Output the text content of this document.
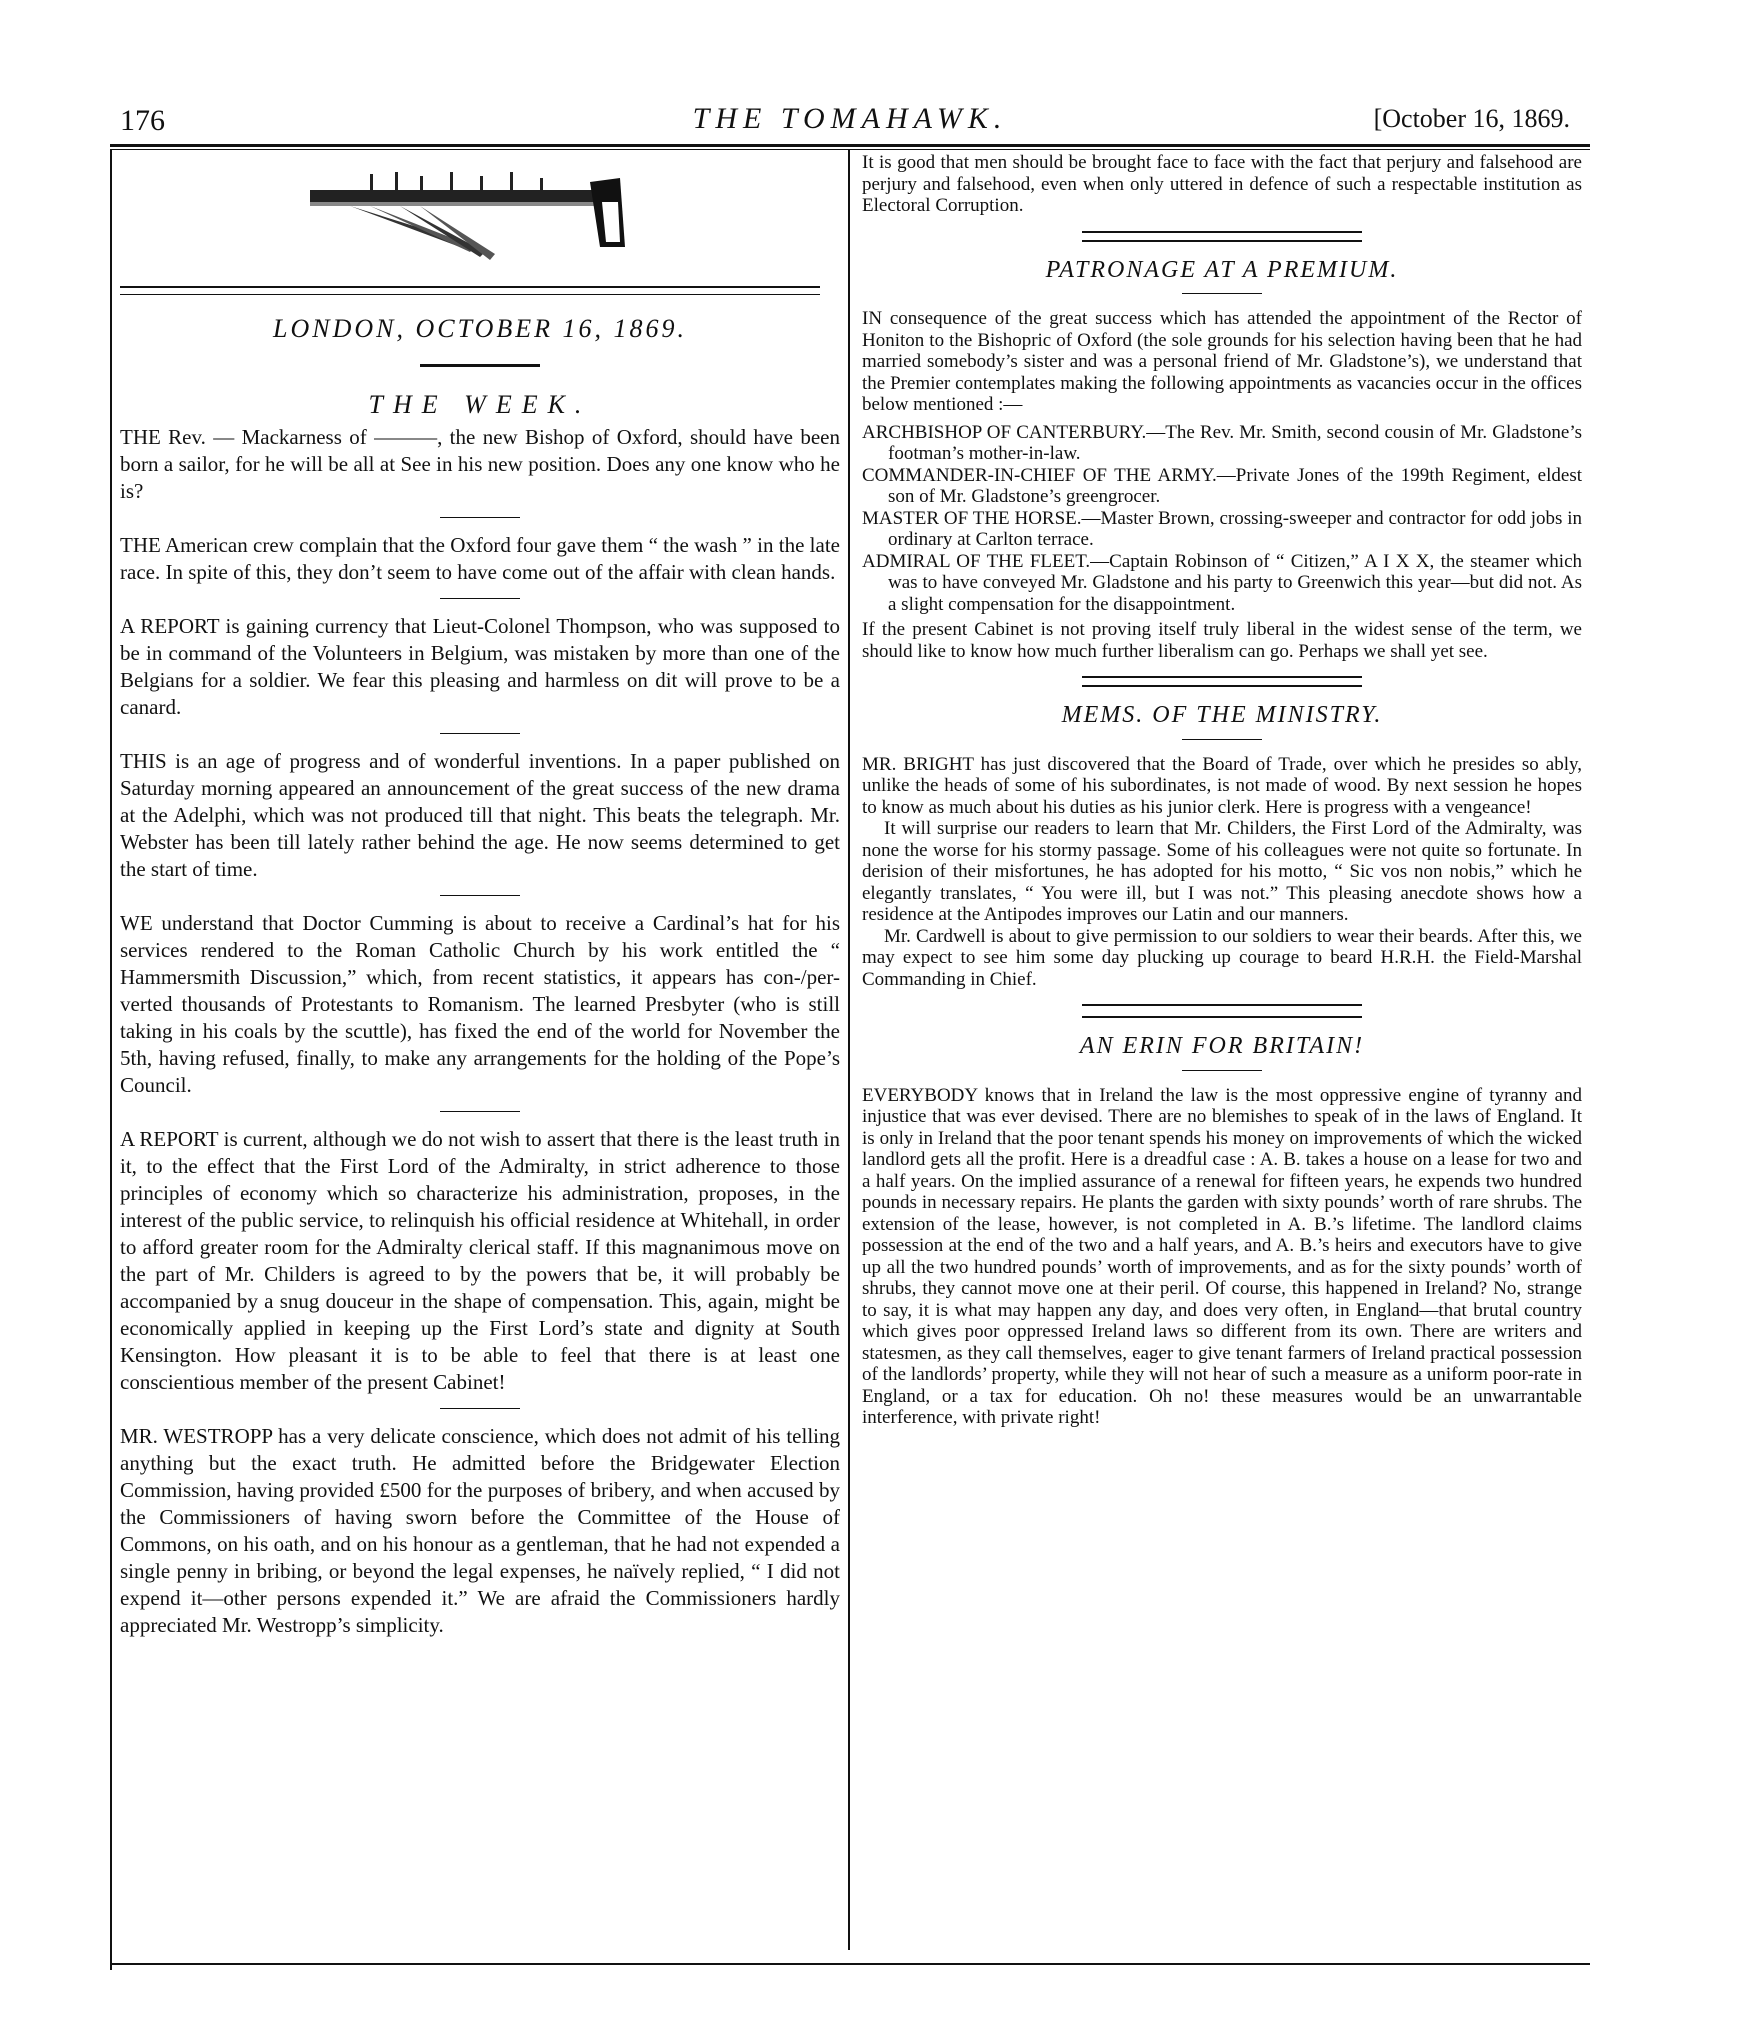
176	THE TOMAHAWK.	[October 16, 1869.
LONDON, OCTOBER 16, 1869.
THE WEEK.

THE Rev. — Mackarness of ———, the new Bishop of Oxford, should have been born a sailor, for he will be all at See in his new position. Does any one know who he is?

THE American crew complain that the Oxford four gave them “ the wash ” in the late race. In spite of this, they don’t seem to have come out of the affair with clean hands.

A REPORT is gaining currency that Lieut-Colonel Thompson, who was supposed to be in command of the Volunteers in Belgium, was mistaken by more than one of the Belgians for a soldier. We fear this pleasing and harmless on dit will prove to be a canard.

THIS is an age of progress and of wonderful inventions. In a paper published on Saturday morning appeared an announcement of the great success of the new drama at the Adelphi, which was not produced till that night. This beats the telegraph. Mr. Webster has been till lately rather behind the age. He now seems determined to get the start of time.

WE understand that Doctor Cumming is about to receive a Cardinal’s hat for his services rendered to the Roman Catholic Church by his work entitled the “ Hammersmith Discussion,” which, from recent statistics, it appears has con-/per- verted thousands of Protestants to Romanism. The learned Presbyter (who is still taking in his coals by the scuttle), has fixed the end of the world for November the 5th, having refused, finally, to make any arrangements for the holding of the Pope’s Council.

A REPORT is current, although we do not wish to assert that there is the least truth in it, to the effect that the First Lord of the Admiralty, in strict adherence to those principles of economy which so characterize his administration, proposes, in the interest of the public service, to relinquish his official residence at Whitehall, in order to afford greater room for the Admiralty clerical staff. If this magnanimous move on the part of Mr. Childers is agreed to by the powers that be, it will probably be accompanied by a snug douceur in the shape of compensation. This, again, might be economically applied in keeping up the First Lord’s state and dignity at South Kensington. How pleasant it is to be able to feel that there is at least one conscientious member of the present Cabinet!

MR. WESTROPP has a very delicate conscience, which does not admit of his telling anything but the exact truth. He admitted before the Bridgewater Election Commission, having provided £500 for the purposes of bribery, and when accused by the Commissioners of having sworn before the Committee of the House of Commons, on his oath, and on his honour as a gentleman, that he had not expended a single penny in bribing, or beyond the legal expenses, he naïvely replied, “ I did not expend it—other persons expended it.” We are afraid the Commissioners hardly appreciated Mr. Westropp’s simplicity.

It is good that men should be brought face to face with the fact that perjury and falsehood are perjury and falsehood, even when only uttered in defence of such a respectable institution as Electoral Corruption.

PATRONAGE AT A PREMIUM.

IN consequence of the great success which has attended the appointment of the Rector of Honiton to the Bishopric of Oxford (the sole grounds for his selection having been that he had married somebody’s sister and was a personal friend of Mr. Gladstone’s), we understand that the Premier contemplates making the following appointments as vacancies occur in the offices below mentioned :—

ARCHBISHOP OF CANTERBURY.—The Rev. Mr. Smith, second cousin of Mr. Gladstone’s footman’s mother-in-law.

COMMANDER-IN-CHIEF OF THE ARMY.—Private Jones of the 199th Regiment, eldest son of Mr. Gladstone’s greengrocer.

MASTER OF THE HORSE.—Master Brown, crossing-sweeper and contractor for odd jobs in ordinary at Carlton terrace.

ADMIRAL OF THE FLEET.—Captain Robinson of “ Citizen,” A I X X, the steamer which was to have conveyed Mr. Gladstone and his party to Greenwich this year—but did not. As a slight compensation for the disappointment.

If the present Cabinet is not proving itself truly liberal in the widest sense of the term, we should like to know how much further liberalism can go. Perhaps we shall yet see.

MEMS. OF THE MINISTRY.

MR. BRIGHT has just discovered that the Board of Trade, over which he presides so ably, unlike the heads of some of his subordinates, is not made of wood. By next session he hopes to know as much about his duties as his junior clerk. Here is progress with a vengeance!

It will surprise our readers to learn that Mr. Childers, the First Lord of the Admiralty, was none the worse for his stormy passage. Some of his colleagues were not quite so fortunate. In derision of their misfortunes, he has adopted for his motto, “ Sic vos non nobis,” which he elegantly translates, “ You were ill, but I was not.” This pleasing anecdote shows how a residence at the Antipodes improves our Latin and our manners.

Mr. Cardwell is about to give permission to our soldiers to wear their beards. After this, we may expect to see him some day plucking up courage to beard H.R.H. the Field-Marshal Commanding in Chief.

AN ERIN FOR BRITAIN!

EVERYBODY knows that in Ireland the law is the most oppressive engine of tyranny and injustice that was ever devised. There are no blemishes to speak of in the laws of England. It is only in Ireland that the poor tenant spends his money on improvements of which the wicked landlord gets all the profit. Here is a dreadful case : A. B. takes a house on a lease for two and a half years. On the implied assurance of a renewal for fifteen years, he expends two hundred pounds in necessary repairs. He plants the garden with sixty pounds’ worth of rare shrubs. The extension of the lease, however, is not completed in A. B.’s lifetime. The landlord claims possession at the end of the two and a half years, and A. B.’s heirs and executors have to give up all the two hundred pounds’ worth of improvements, and as for the sixty pounds’ worth of shrubs, they cannot move one at their peril. Of course, this happened in Ireland? No, strange to say, it is what may happen any day, and does very often, in England—that brutal country which gives poor oppressed Ireland laws so different from its own. There are writers and statesmen, as they call themselves, eager to give tenant farmers of Ireland practical possession of the landlords’ property, while they will not hear of such a measure as a uniform poor-rate in England, or a tax for education. Oh no! these measures would be an unwarrantable interference, with private right!
